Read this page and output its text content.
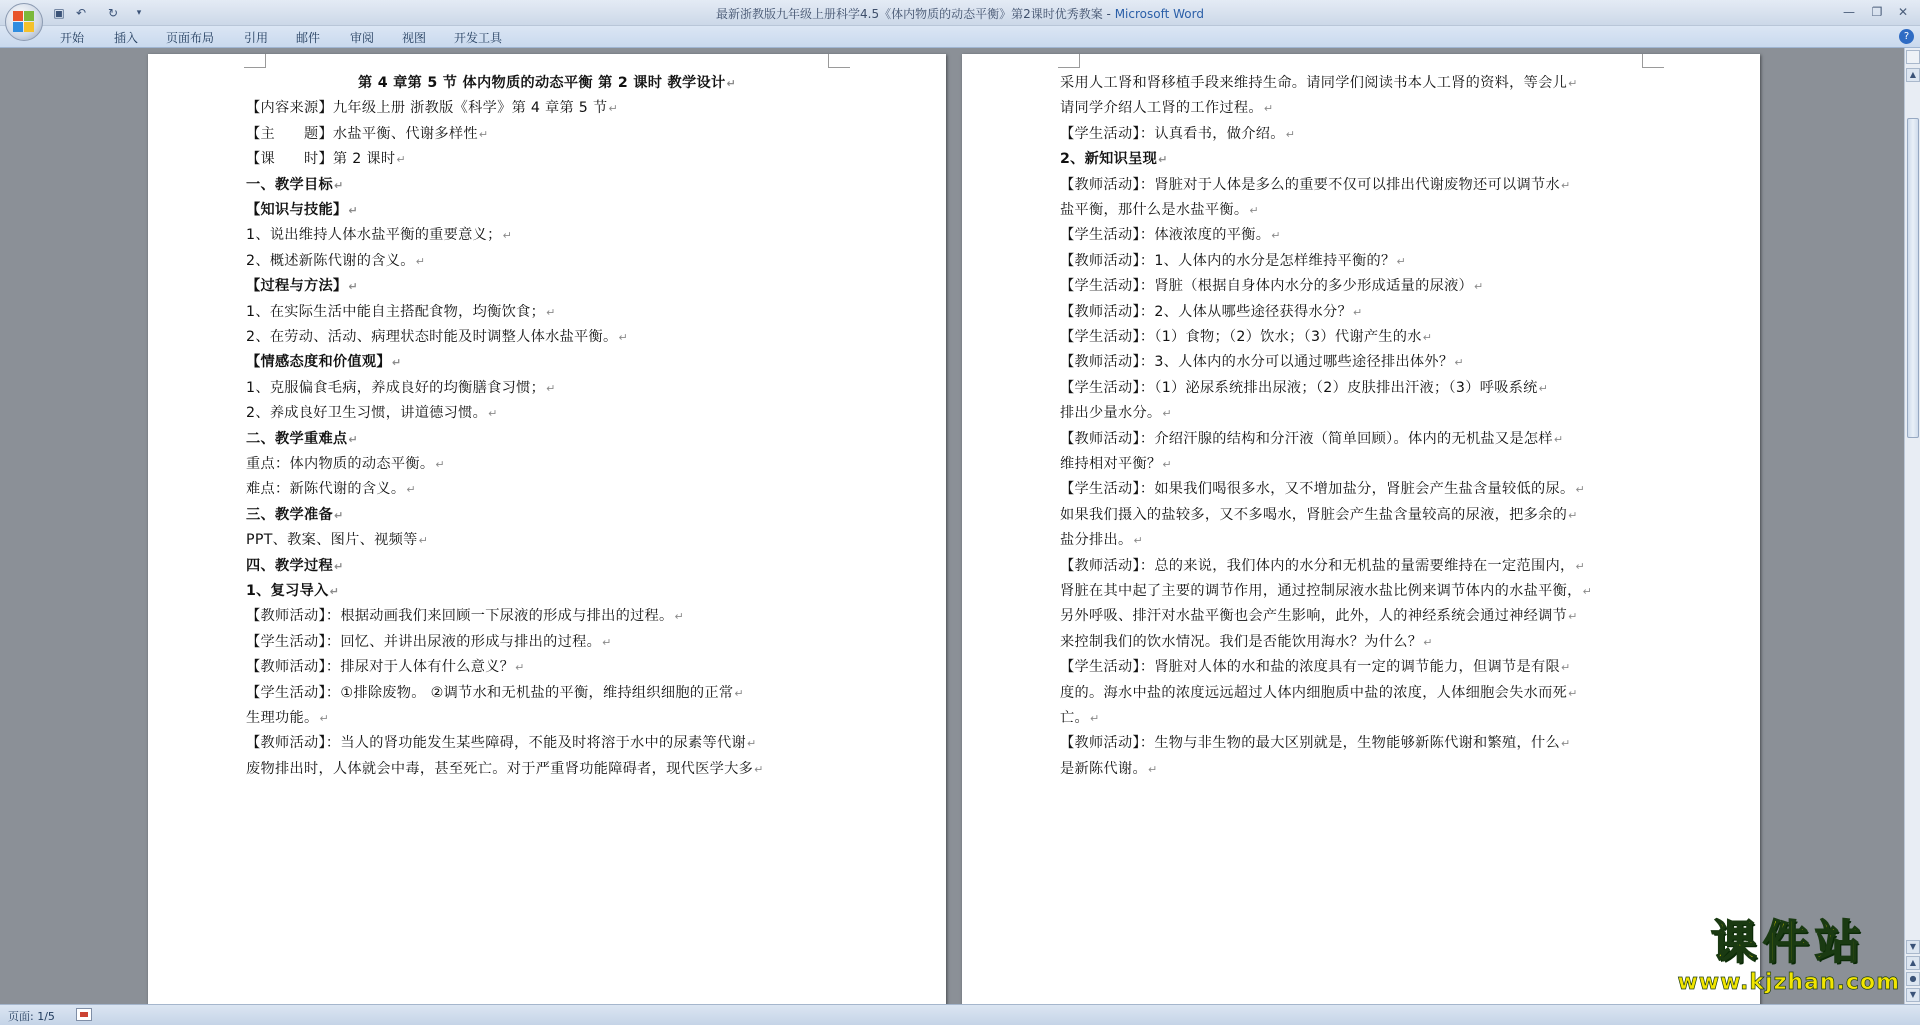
▣ ↶	↻	▾	最新浙教版九年级上册科学4.5《体内物质的动态平衡》第2课时优秀教案 - Microsoft Word	—	❐	✕
开始	插入	页面布局	引用	邮件	审阅	视图	开发工具	?
第 4 章第 5 节 体内物质的动态平衡 第 2 课时 教学设计↵
【内容来源】九年级上册 浙教版《科学》第 4 章第 5 节↵
【主　　题】水盐平衡、代谢多样性↵
【课　　时】第 2 课时↵
一、教学目标↵
【知识与技能】↵
1、说出维持人体水盐平衡的重要意义；↵
2、概述新陈代谢的含义。↵
【过程与方法】↵
1、在实际生活中能自主搭配食物，均衡饮食；↵
2、在劳动、活动、病理状态时能及时调整人体水盐平衡。↵
【情感态度和价值观】↵
1、克服偏食毛病，养成良好的均衡膳食习惯；↵
2、养成良好卫生习惯，讲道德习惯。↵
二、教学重难点↵
重点：体内物质的动态平衡。↵
难点：新陈代谢的含义。↵
三、教学准备↵
PPT、教案、图片、视频等↵
四、教学过程↵
1、复习导入↵
【教师活动】：根据动画我们来回顾一下尿液的形成与排出的过程。↵
【学生活动】：回忆、并讲出尿液的形成与排出的过程。↵
【教师活动】：排尿对于人体有什么意义？↵
【学生活动】：①排除废物。 ②调节水和无机盐的平衡，维持组织细胞的正常↵
生理功能。↵
【教师活动】：当人的肾功能发生某些障碍，不能及时将溶于水中的尿素等代谢↵
废物排出时，人体就会中毒，甚至死亡。对于严重肾功能障碍者，现代医学大多↵
采用人工肾和肾移植手段来维持生命。请同学们阅读书本人工肾的资料，等会儿↵
请同学介绍人工肾的工作过程。↵
【学生活动】：认真看书，做介绍。↵
2、新知识呈现↵
【教师活动】：肾脏对于人体是多么的重要不仅可以排出代谢废物还可以调节水↵
盐平衡，那什么是水盐平衡。↵
【学生活动】：体液浓度的平衡。↵
【教师活动】：1、人体内的水分是怎样维持平衡的？↵
【学生活动】：肾脏（根据自身体内水分的多少形成适量的尿液）↵
【教师活动】：2、人体从哪些途径获得水分？↵
【学生活动】：（1）食物；（2）饮水；（3）代谢产生的水↵
【教师活动】：3、人体内的水分可以通过哪些途径排出体外？↵
【学生活动】：（1）泌尿系统排出尿液；（2）皮肤排出汗液；（3）呼吸系统↵
排出少量水分。↵
【教师活动】：介绍汗腺的结构和分汗液（简单回顾）。体内的无机盐又是怎样↵
维持相对平衡？↵
【学生活动】：如果我们喝很多水，又不增加盐分，肾脏会产生盐含量较低的尿。↵
如果我们摄入的盐较多，又不多喝水，肾脏会产生盐含量较高的尿液，把多余的↵
盐分排出。↵
【教师活动】：总的来说，我们体内的水分和无机盐的量需要维持在一定范围内，↵
肾脏在其中起了主要的调节作用，通过控制尿液水盐比例来调节体内的水盐平衡，↵
另外呼吸、排汗对水盐平衡也会产生影响，此外，人的神经系统会通过神经调节↵
来控制我们的饮水情况。我们是否能饮用海水？为什么？↵
【学生活动】：肾脏对人体的水和盐的浓度具有一定的调节能力，但调节是有限↵
度的。海水中盐的浓度远远超过人体内细胞质中盐的浓度，人体细胞会失水而死↵
亡。↵
【教师活动】：生物与非生物的最大区别就是，生物能够新陈代谢和繁殖，什么↵
是新陈代谢。↵
▲
▼
▲
●
▼
页面: 1/5
课件站
www.kjzhan.com
